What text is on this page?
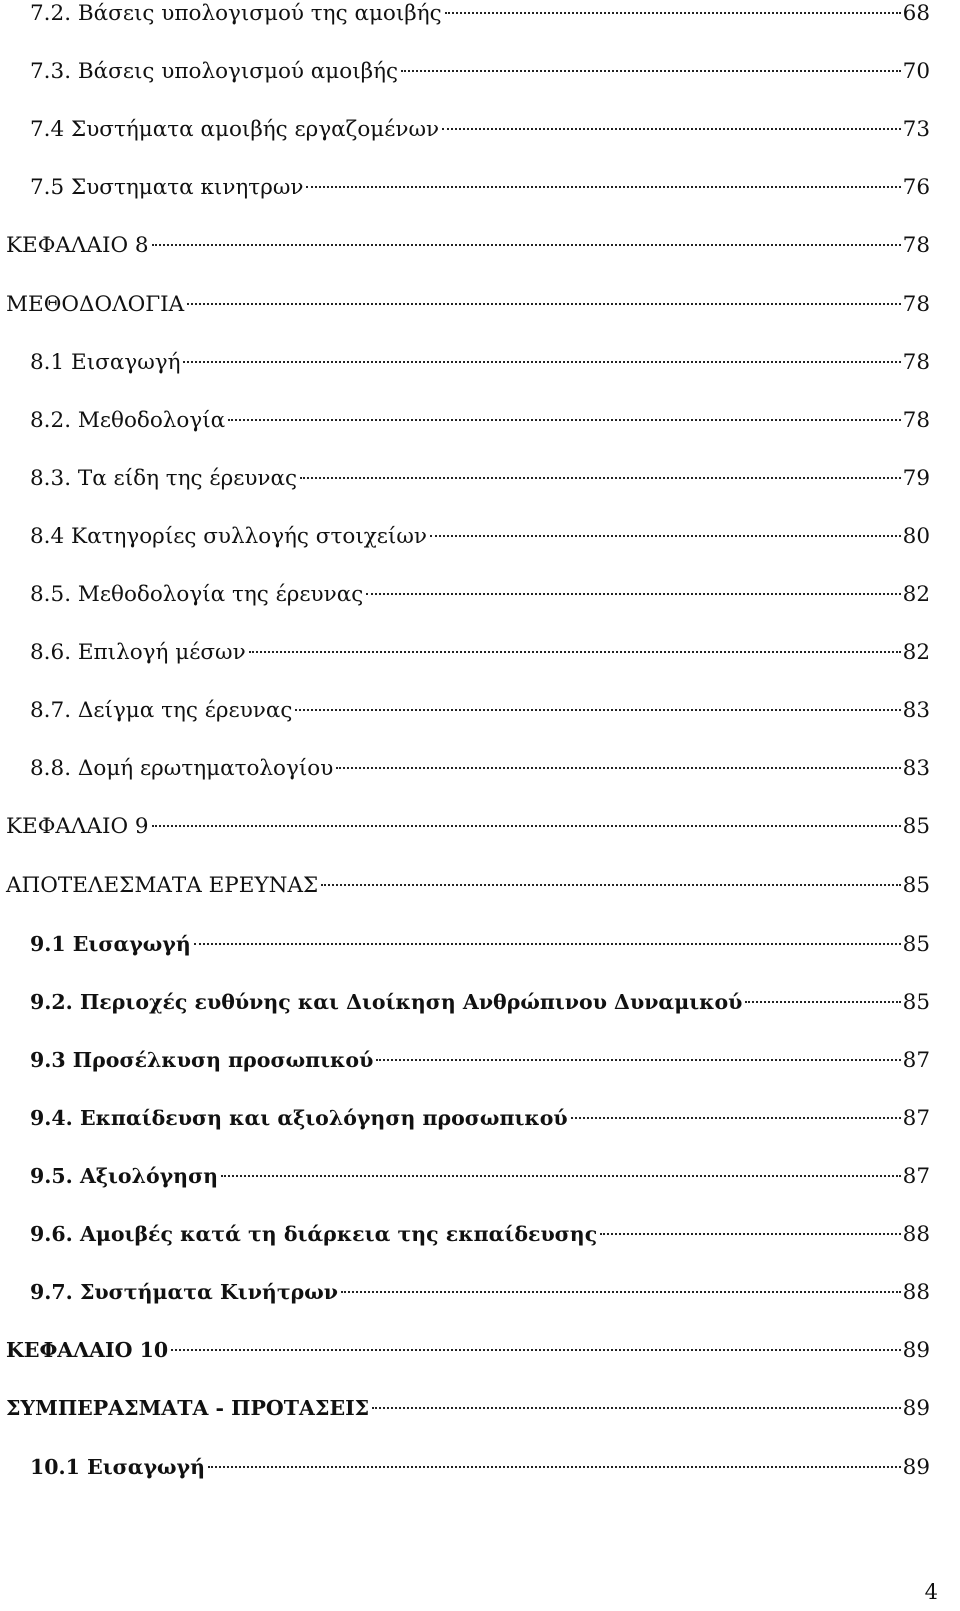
7.2. Βάσεις υπολογισμού της αμοιβής	68
7.3. Βάσεις υπολογισμού αμοιβής	70
7.4 Συστήματα αμοιβής εργαζομένων	73
7.5 Συστηματα κινητρων	76
ΚΕΦΑΛΑΙΟ 8	78
ΜΕΘΟΔΟΛΟΓΙΑ	78
8.1 Εισαγωγή	78
8.2. Μεθοδολογία	78
8.3. Τα είδη της έρευνας	79
8.4 Κατηγορίες συλλογής στοιχείων	80
8.5. Μεθοδολογία της έρευνας	82
8.6. Επιλογή μέσων	82
8.7. Δείγμα της έρευνας	83
8.8. Δομή ερωτηματολογίου	83
ΚΕΦΑΛΑΙΟ 9	85
ΑΠΟΤΕΛΕΣΜΑΤΑ ΕΡΕΥΝΑΣ	85
9.1 Εισαγωγή	85
9.2. Περιοχές ευθύνης και Διοίκηση Ανθρώπινου Δυναμικού	85
9.3 Προσέλκυση προσωπικού	87
9.4. Εκπαίδευση και αξιολόγηση προσωπικού	87
9.5. Αξιολόγηση	87
9.6. Αμοιβές κατά τη διάρκεια της εκπαίδευσης	88
9.7. Συστήματα Κινήτρων	88
ΚΕΦΑΛΑΙΟ 10	89
ΣΥΜΠΕΡΑΣΜΑΤΑ - ΠΡΟΤΑΣΕΙΣ	89
10.1 Εισαγωγή	89
4
